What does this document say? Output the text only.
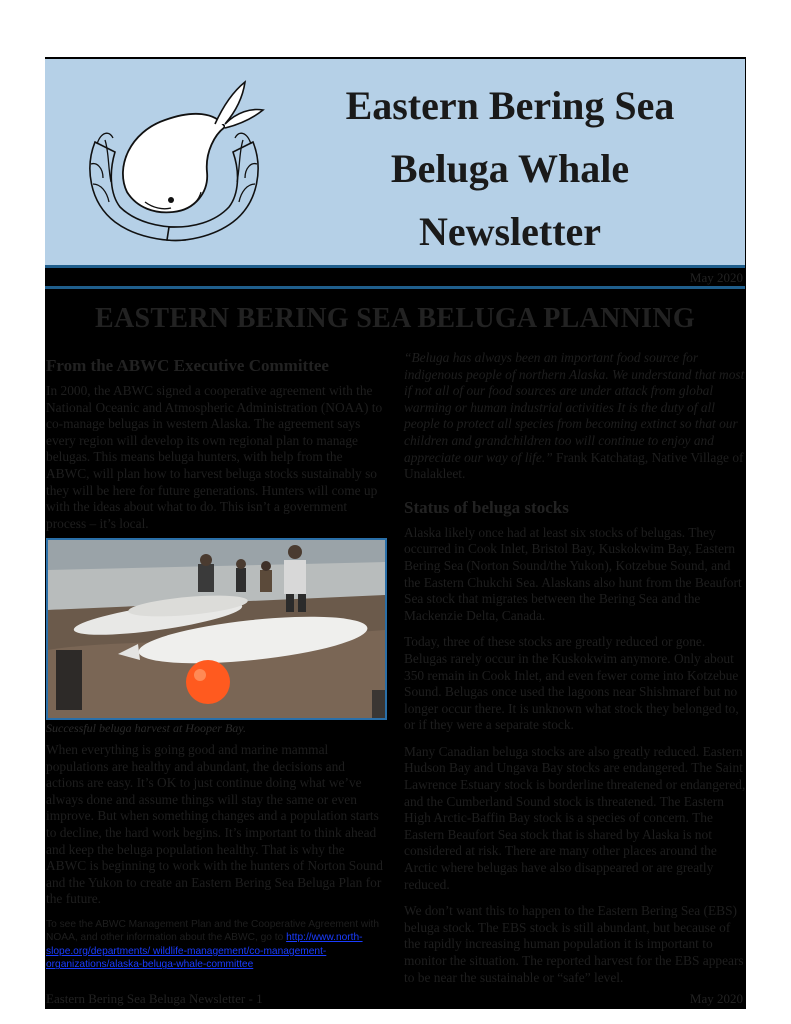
Eastern Bering Sea
Beluga Whale
Newsletter
May 2020
EASTERN BERING SEA BELUGA PLANNING
From the ABWC Executive Committee

In 2000, the ABWC signed a cooperative agreement with the National Oceanic and Atmospheric Administration (NOAA) to co-manage belugas in western Alaska. The agreement says every region will develop its own regional plan to manage belugas. This means beluga hunters, with help from the ABWC, will plan how to harvest beluga stocks sustainably so they will be here for future generations. Hunters will come up with the ideas about what to do. This isn’t a government process – it’s local.

Successful beluga harvest at Hooper Bay.

When everything is going good and marine mammal populations are healthy and abundant, the decisions and actions are easy. It’s OK to just continue doing what we’ve always done and assume things will stay the same or even improve. But when something changes and a population starts to decline, the hard work begins. It’s important to think ahead and keep the beluga population healthy. That is why the ABWC is beginning to work with the hunters of Norton Sound and the Yukon to create an Eastern Bering Sea Beluga Plan for the future.

To see the ABWC Management Plan and the Cooperative Agreement with NOAA, and other information about the ABWC, go to http://www.north-slope.org/departments/ wildlife-management/co-management-organizations/alaska-beluga-whale-committee

“Beluga has always been an important food source for indigenous people of northern Alaska. We understand that most if not all of our food sources are under attack from global warming or human industrial activities It is the duty of all people to protect all species from becoming extinct so that our children and grandchildren too will continue to enjoy and appreciate our way of life.” Frank Katchatag, Native Village of Unalakleet.

Status of beluga stocks

Alaska likely once had at least six stocks of belugas. They occurred in Cook Inlet, Bristol Bay, Kuskokwim Bay, Eastern Bering Sea (Norton Sound/the Yukon), Kotzebue Sound, and the Eastern Chukchi Sea. Alaskans also hunt from the Beaufort Sea stock that migrates between the Bering Sea and the Mackenzie Delta, Canada.

Today, three of these stocks are greatly reduced or gone. Belugas rarely occur in the Kuskokwim anymore. Only about 350 remain in Cook Inlet, and even fewer come into Kotzebue Sound. Belugas once used the lagoons near Shishmaref but no longer occur there. It is unknown what stock they belonged to, or if they were a separate stock.

Many Canadian beluga stocks are also greatly reduced. Eastern Hudson Bay and Ungava Bay stocks are endangered. The Saint Lawrence Estuary stock is borderline threatened or endangered, and the Cumberland Sound stock is threatened. The Eastern High Arctic-Baffin Bay stock is a species of concern. The Eastern Beaufort Sea stock that is shared by Alaska is not considered at risk. There are many other places around the Arctic where belugas have also disappeared or are greatly reduced.

We don’t want this to happen to the Eastern Bering Sea (EBS) beluga stock. The EBS stock is still abundant, but because of the rapidly increasing human population it is important to monitor the situation. The reported harvest for the EBS appears to be near the sustainable or “safe” level.

Eastern Bering Sea Beluga Newsletter - 1	May 2020
